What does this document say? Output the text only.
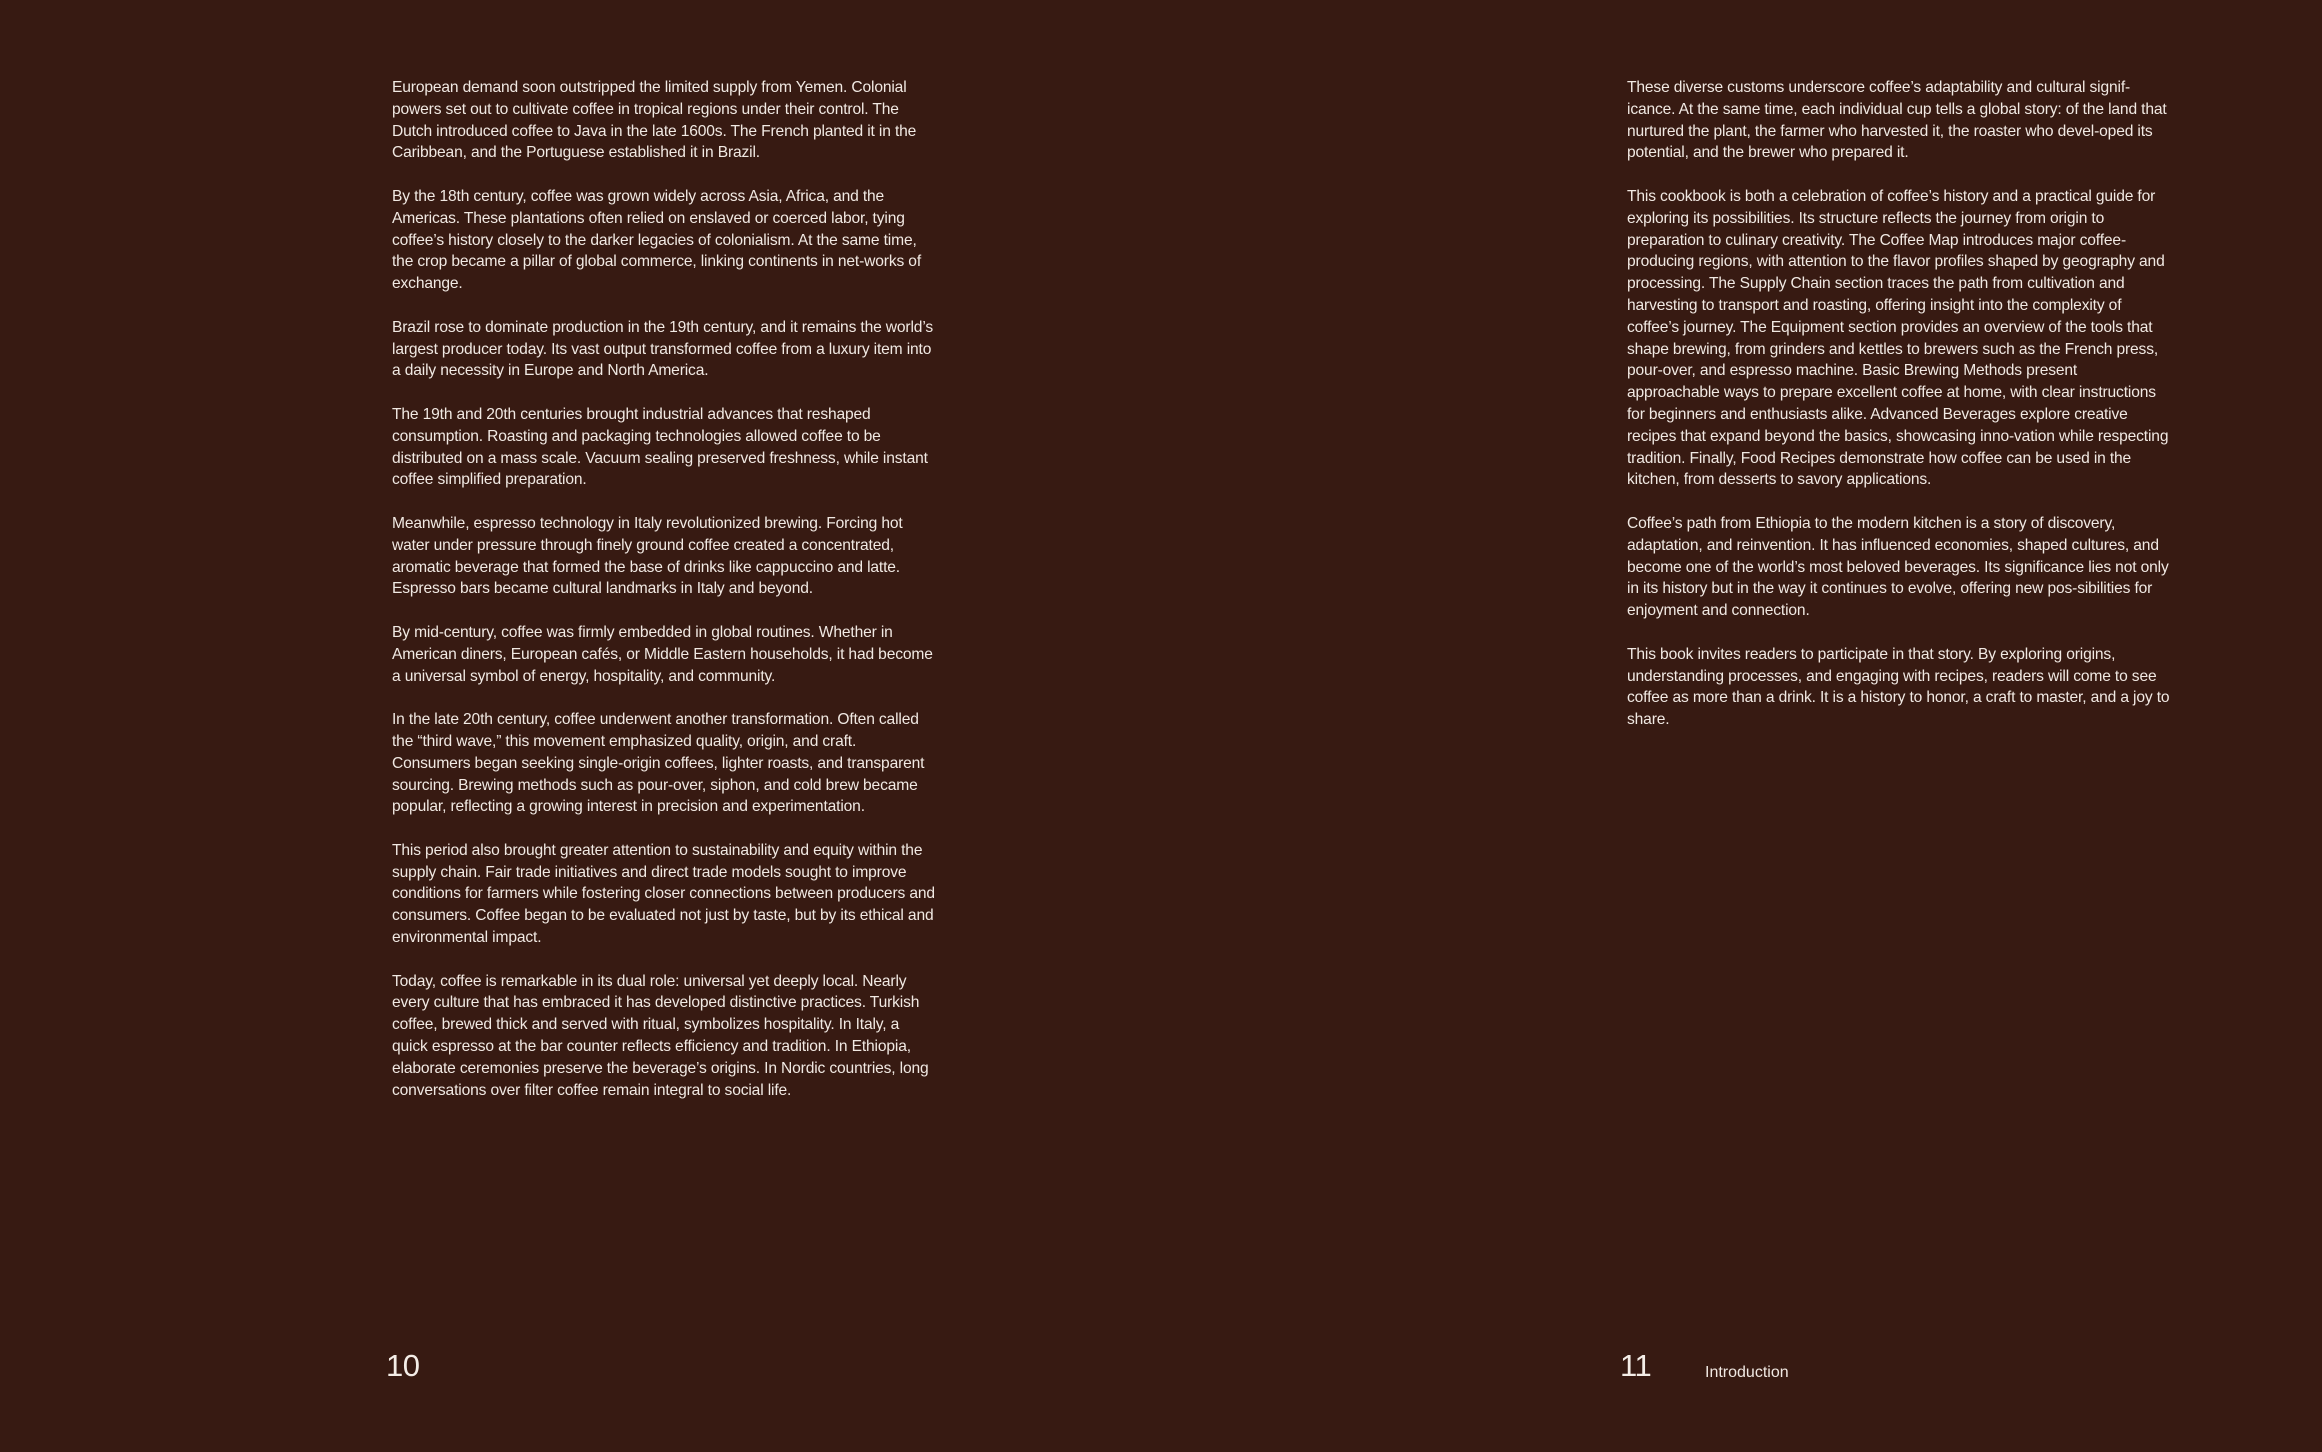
European demand soon outstripped the limited supply from Yemen. Colonial powers set out to cultivate coffee in tropical regions under their control. The Dutch introduced coffee to Java in the late 1600s. The French planted it in the Caribbean, and the Portuguese established it in Brazil.

By the 18th century, coffee was grown widely across Asia, Africa, and the Americas. These plantations often relied on enslaved or coerced labor, tying coffee’s history closely to the darker legacies of colonialism. At the same time, the crop became a pillar of global commerce, linking continents in net-works of exchange.

Brazil rose to dominate production in the 19th century, and it remains the world’s largest producer today. Its vast output transformed coffee from a luxury item into a daily necessity in Europe and North America.

The 19th and 20th centuries brought industrial advances that reshaped consumption. Roasting and packaging technologies allowed coffee to be distributed on a mass scale. Vacuum sealing preserved freshness, while instant coffee simplified preparation.

Meanwhile, espresso technology in Italy revolutionized brewing. Forcing hot water under pressure through finely ground coffee created a concentrated, aromatic beverage that formed the base of drinks like cappuccino and latte. Espresso bars became cultural landmarks in Italy and beyond.

By mid-century, coffee was firmly embedded in global routines. Whether in American diners, European cafés, or Middle Eastern households, it had become a universal symbol of energy, hospitality, and community.

In the late 20th century, coffee underwent another transformation. Often called the “third wave,” this movement emphasized quality, origin, and craft. Consumers began seeking single-origin coffees, lighter roasts, and transparent sourcing. Brewing methods such as pour-over, siphon, and cold brew became popular, reflecting a growing interest in precision and experimentation.

This period also brought greater attention to sustainability and equity within the supply chain. Fair trade initiatives and direct trade models sought to improve conditions for farmers while fostering closer connections between producers and consumers. Coffee began to be evaluated not just by taste, but by its ethical and environmental impact.

Today, coffee is remarkable in its dual role: universal yet deeply local. Nearly every culture that has embraced it has developed distinctive practices. Turkish coffee, brewed thick and served with ritual, symbolizes hospitality. In Italy, a quick espresso at the bar counter reflects efficiency and tradition. In Ethiopia, elaborate ceremonies preserve the beverage’s origins. In Nordic countries, long conversations over filter coffee remain integral to social life.

10

These diverse customs underscore coffee’s adaptability and cultural signif-icance. At the same time, each individual cup tells a global story: of the land that nurtured the plant, the farmer who harvested it, the roaster who devel-oped its potential, and the brewer who prepared it.

This cookbook is both a celebration of coffee’s history and a practical guide for exploring its possibilities. Its structure reflects the journey from origin to preparation to culinary creativity. The Coffee Map introduces major coffee-producing regions, with attention to the flavor profiles shaped by geography and processing. The Supply Chain section traces the path from cultivation and harvesting to transport and roasting, offering insight into the complexity of coffee’s journey. The Equipment section provides an overview of the tools that shape brewing, from grinders and kettles to brewers such as the French press, pour-over, and espresso machine. Basic Brewing Methods present approachable ways to prepare excellent coffee at home, with clear instructions for beginners and enthusiasts alike. Advanced Beverages explore creative recipes that expand beyond the basics, showcasing inno-vation while respecting tradition. Finally, Food Recipes demonstrate how coffee can be used in the kitchen, from desserts to savory applications.

Coffee’s path from Ethiopia to the modern kitchen is a story of discovery, adaptation, and reinvention. It has influenced economies, shaped cultures, and become one of the world’s most beloved beverages. Its significance lies not only in its history but in the way it continues to evolve, offering new pos-sibilities for enjoyment and connection.

This book invites readers to participate in that story. By exploring origins, understanding processes, and engaging with recipes, readers will come to see coffee as more than a drink. It is a history to honor, a craft to master, and a joy to share.

11	Introduction
